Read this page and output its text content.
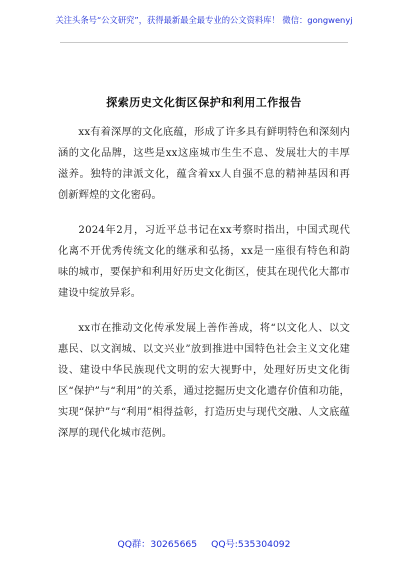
关注头条号“公文研究”，获得最新最全最专业的公文资料库！ 微信：gongwenyj
探索历史文化街区保护和利用工作报告

xx有着深厚的文化底蕴，形成了许多具有鲜明特色和深刻内涵的文化品牌，这些是xx这座城市生生不息、发展壮大的丰厚滋养。独特的津派文化，蕴含着xx人自强不息的精神基因和再创新辉煌的文化密码。

2024年2月，习近平总书记在xx考察时指出，中国式现代化离不开优秀传统文化的继承和弘扬，xx是一座很有特色和韵味的城市，要保护和利用好历史文化街区，使其在现代化大都市建设中绽放异彩。

xx市在推动文化传承发展上善作善成，将“以文化人、以文惠民、以文润城、以文兴业”放到推进中国特色社会主义文化建设、建设中华民族现代文明的宏大视野中，处理好历史文化街区“保护”与“利用”的关系，通过挖掘历史文化遗存价值和功能，实现“保护”与“利用”相得益彰，打造历史与现代交融、人文底蕴深厚的现代化城市范例。

QQ群：30265665 QQ号:535304092
